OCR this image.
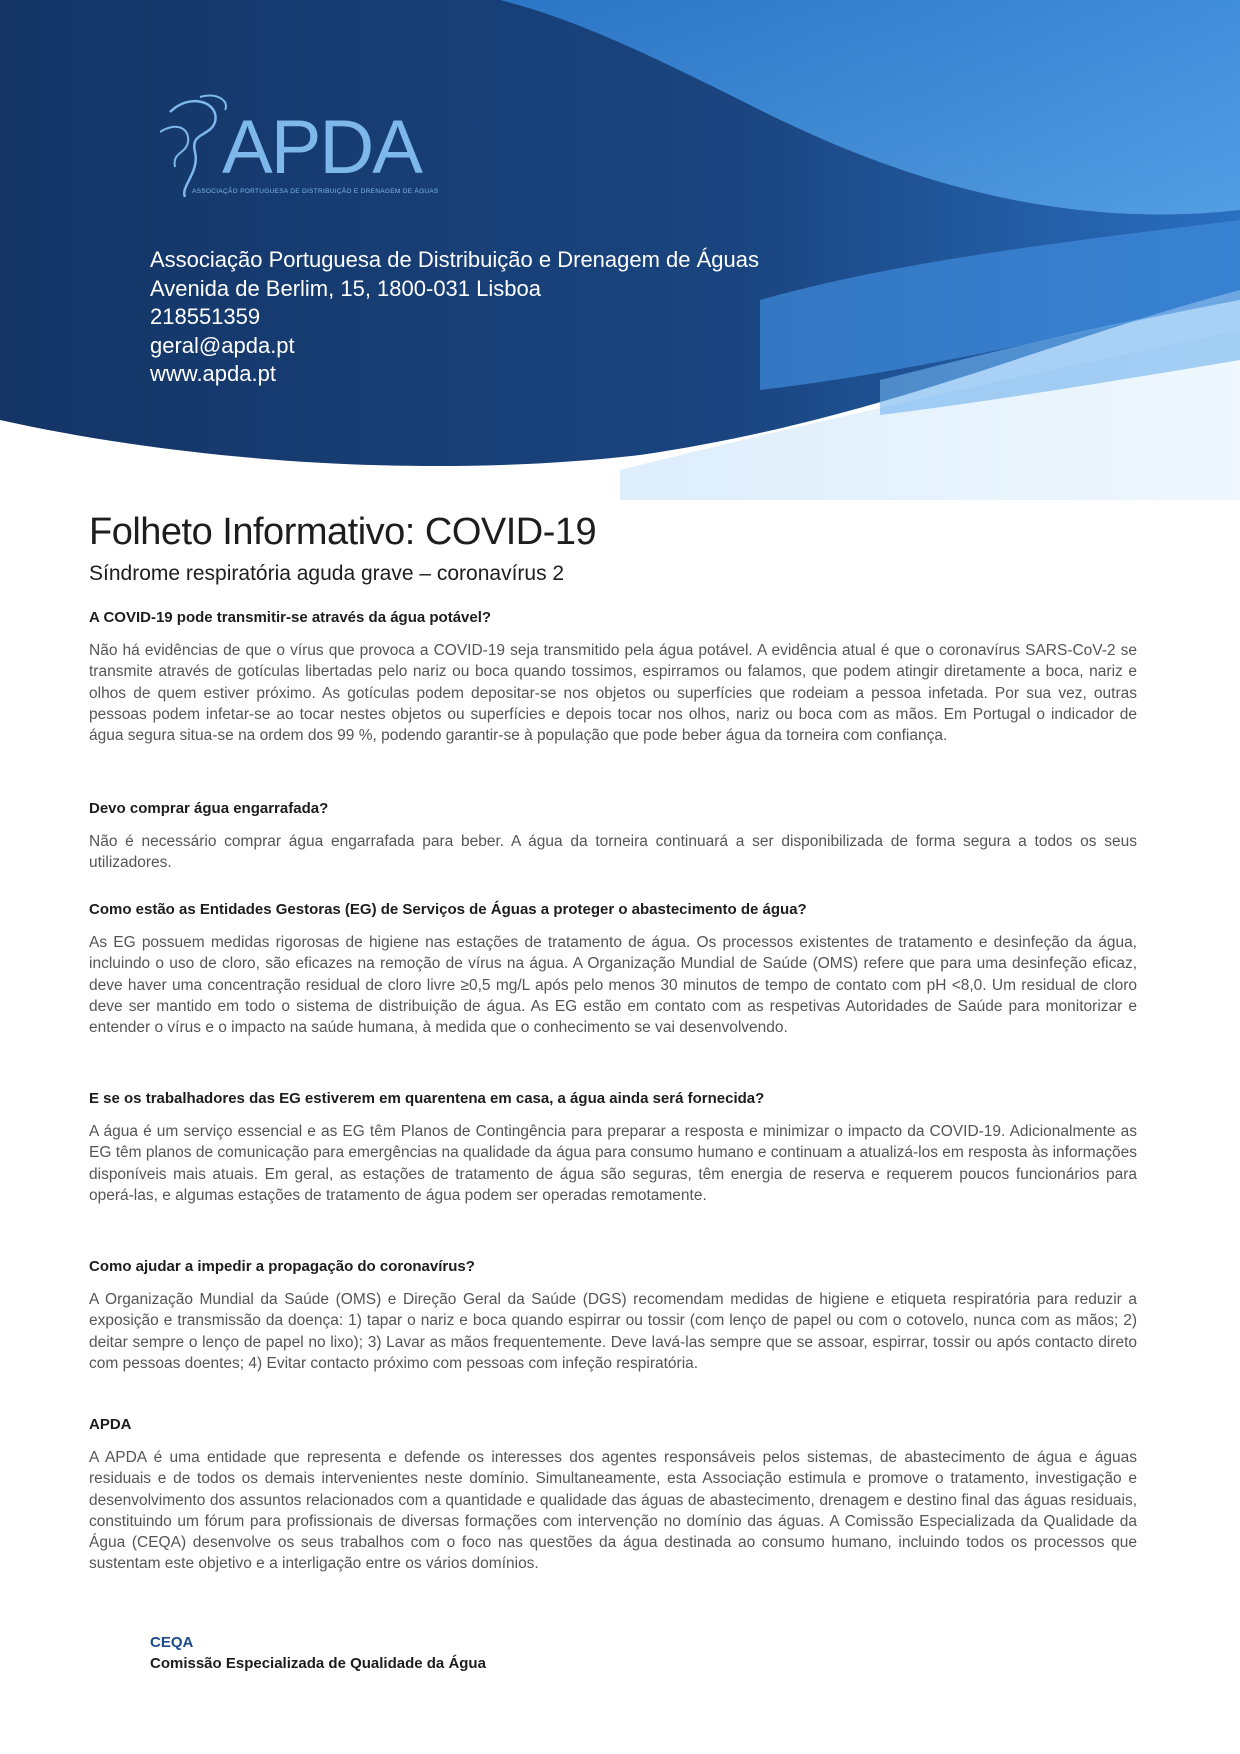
APDA
ASSOCIAÇÃO PORTUGUESA DE DISTRIBUIÇÃO E DRENAGEM DE ÁGUAS
Associação Portuguesa de Distribuição e Drenagem de Águas
Avenida de Berlim, 15, 1800-031 Lisboa
218551359
geral@apda.pt
www.apda.pt
Folheto Informativo: COVID-19

Síndrome respiratória aguda grave – coronavírus 2

A COVID-19 pode transmitir-se através da água potável?

Não há evidências de que o vírus que provoca a COVID-19 seja transmitido pela água potável. A evidência atual é que o coronavírus SARS-CoV-2 se transmite através de gotículas libertadas pelo nariz ou boca quando tossimos, espirramos ou falamos, que podem atingir diretamente a boca, nariz e olhos de quem estiver próximo. As gotículas podem depositar-se nos objetos ou superfícies que rodeiam a pessoa infetada. Por sua vez, outras pessoas podem infetar-se ao tocar nestes objetos ou superfícies e depois tocar nos olhos, nariz ou boca com as mãos. Em Portugal o indicador de água segura situa-se na ordem dos 99 %, podendo garantir-se à população que pode beber água da torneira com confiança.

Devo comprar água engarrafada?

Não é necessário comprar água engarrafada para beber. A água da torneira continuará a ser disponibilizada de forma segura a todos os seus utilizadores.

Como estão as Entidades Gestoras (EG) de Serviços de Águas a proteger o abastecimento de água?

As EG possuem medidas rigorosas de higiene nas estações de tratamento de água. Os processos existentes de tratamento e desinfeção da água, incluindo o uso de cloro, são eficazes na remoção de vírus na água. A Organização Mundial de Saúde (OMS) refere que para uma desinfeção eficaz, deve haver uma concentração residual de cloro livre ≥0,5 mg/L após pelo menos 30 minutos de tempo de contato com pH <8,0. Um residual de cloro deve ser mantido em todo o sistema de distribuição de água. As EG estão em contato com as respetivas Autoridades de Saúde para monitorizar e entender o vírus e o impacto na saúde humana, à medida que o conhecimento se vai desenvolvendo.

E se os trabalhadores das EG estiverem em quarentena em casa, a água ainda será fornecida?

A água é um serviço essencial e as EG têm Planos de Contingência para preparar a resposta e minimizar o impacto da COVID-19. Adicionalmente as EG têm planos de comunicação para emergências na qualidade da água para consumo humano e continuam a atualizá-los em resposta às informações disponíveis mais atuais. Em geral, as estações de tratamento de água são seguras, têm energia de reserva e requerem poucos funcionários para operá-las, e algumas estações de tratamento de água podem ser operadas remotamente.

Como ajudar a impedir a propagação do coronavírus?

A Organização Mundial da Saúde (OMS) e Direção Geral da Saúde (DGS) recomendam medidas de higiene e etiqueta respiratória para reduzir a exposição e transmissão da doença: 1) tapar o nariz e boca quando espirrar ou tossir (com lenço de papel ou com o cotovelo, nunca com as mãos; 2) deitar sempre o lenço de papel no lixo); 3) Lavar as mãos frequentemente. Deve lavá-las sempre que se assoar, espirrar, tossir ou após contacto direto com pessoas doentes; 4) Evitar contacto próximo com pessoas com infeção respiratória.

APDA

A APDA é uma entidade que representa e defende os interesses dos agentes responsáveis pelos sistemas, de abastecimento de água e águas residuais e de todos os demais intervenientes neste domínio. Simultaneamente, esta Associação estimula e promove o tratamento, investigação e desenvolvimento dos assuntos relacionados com a quantidade e qualidade das águas de abastecimento, drenagem e destino final das águas residuais, constituindo um fórum para profissionais de diversas formações com intervenção no domínio das águas. A Comissão Especializada da Qualidade da Água (CEQA) desenvolve os seus trabalhos com o foco nas questões da água destinada ao consumo humano, incluindo todos os processos que sustentam este objetivo e a interligação entre os vários domínios.

CEQA
Comissão Especializada de Qualidade da Água
